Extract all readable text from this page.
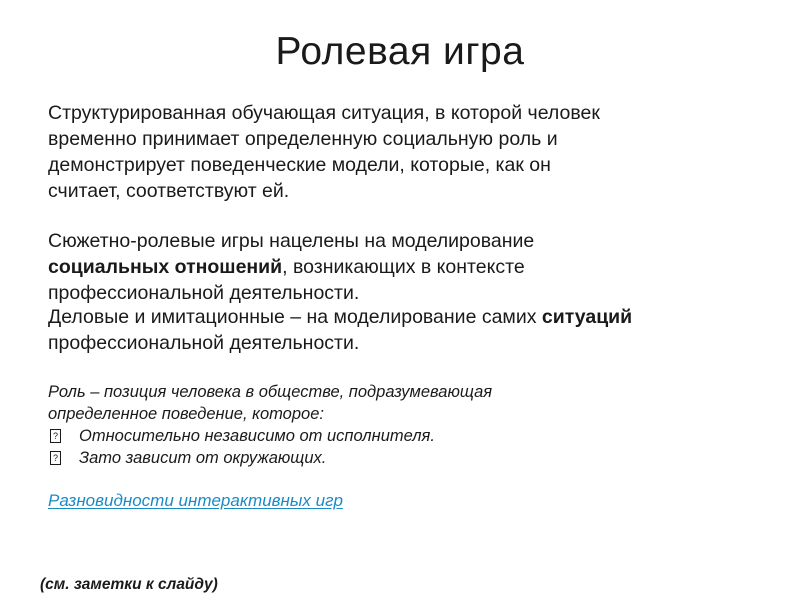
Ролевая игра
Структурированная обучающая ситуация, в которой человек
временно принимает определенную социальную роль и
демонстрирует поведенческие модели, которые, как он
считает, соответствуют ей.
Сюжетно-ролевые игры нацелены на моделирование
социальных отношений, возникающих в контексте
профессиональной деятельности.
Деловые и имитационные – на моделирование самих ситуаций
профессиональной деятельности.
Роль – позиция человека в обществе, подразумевающая
определенное поведение, которое:
? Относительно независимо от исполнителя.
? Зато зависит от окружающих.
Разновидности интерактивных игр
(см. заметки к слайду)
